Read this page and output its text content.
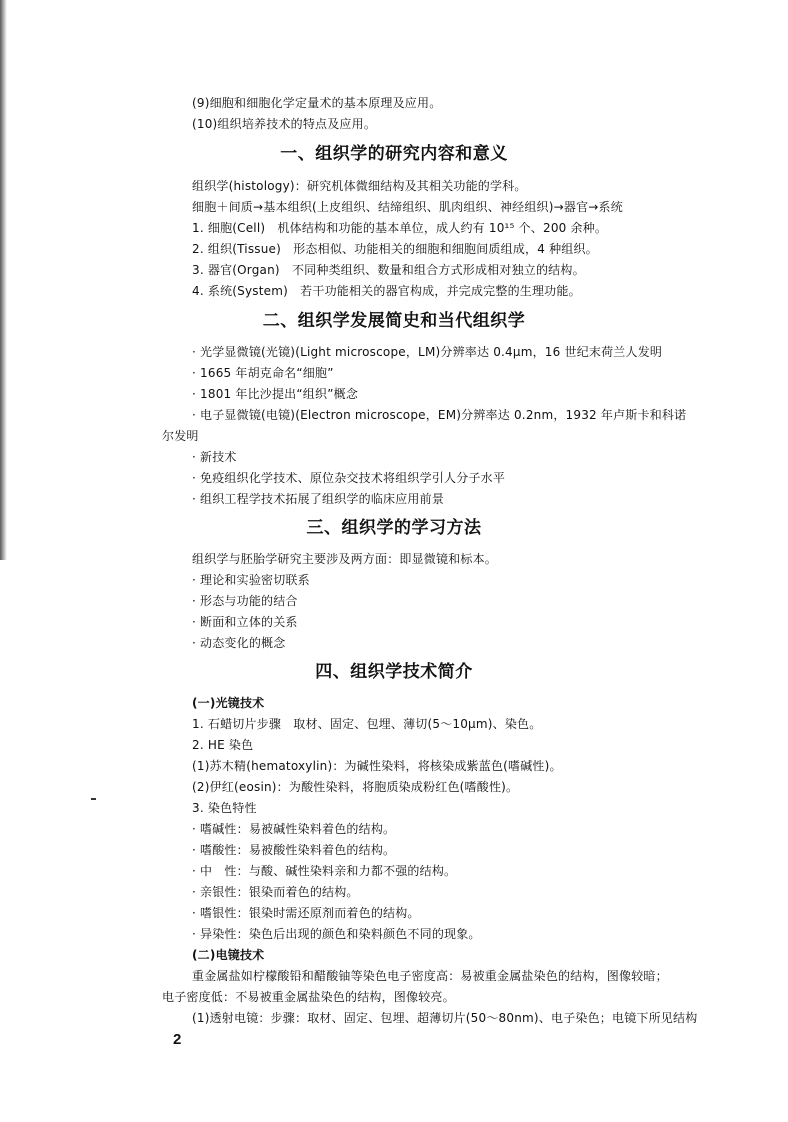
(9)细胞和细胞化学定量术的基本原理及应用。
(10)组织培养技术的特点及应用。
一、组织学的研究内容和意义
组织学(histology)：研究机体微细结构及其相关功能的学科。
细胞＋间质→基本组织(上皮组织、结缔组织、肌肉组织、神经组织)→器官→系统
1. 细胞(Cell)　机体结构和功能的基本单位，成人约有 10¹⁵ 个、200 余种。
2. 组织(Tissue)　形态相似、功能相关的细胞和细胞间质组成，4 种组织。
3. 器官(Organ)　不同种类组织、数量和组合方式形成相对独立的结构。
4. 系统(System)　若干功能相关的器官构成，并完成完整的生理功能。
二、组织学发展简史和当代组织学
· 光学显微镜(光镜)(Light microscope，LM)分辨率达 0.4μm，16 世纪末荷兰人发明
· 1665 年胡克命名“细胞”
· 1801 年比沙提出“组织”概念
· 电子显微镜(电镜)(Electron microscope，EM)分辨率达 0.2nm，1932 年卢斯卡和科诺
尔发明
· 新技术
· 免疫组织化学技术、原位杂交技术将组织学引人分子水平
· 组织工程学技术拓展了组织学的临床应用前景
三、组织学的学习方法
组织学与胚胎学研究主要涉及两方面：即显微镜和标本。
· 理论和实验密切联系
· 形态与功能的结合
· 断面和立体的关系
· 动态变化的概念
四、组织学技术简介
(一)光镜技术
1. 石蜡切片步骤　取材、固定、包埋、薄切(5～10μm)、染色。
2. HE 染色
(1)苏木精(hematoxylin)：为碱性染料，将核染成紫蓝色(嗜碱性)。
(2)伊红(eosin)：为酸性染料，将胞质染成粉红色(嗜酸性)。
3. 染色特性
· 嗜碱性：易被碱性染料着色的结构。
· 嗜酸性：易被酸性染料着色的结构。
· 中　性：与酸、碱性染料亲和力都不强的结构。
· 亲银性：银染而着色的结构。
· 嗜银性：银染时需还原剂而着色的结构。
· 异染性：染色后出现的颜色和染料颜色不同的现象。
(二)电镜技术
重金属盐如柠檬酸铅和醋酸铀等染色电子密度高：易被重金属盐染色的结构，图像较暗；
电子密度低：不易被重金属盐染色的结构，图像较亮。
(1)透射电镜：步骤：取材、固定、包埋、超薄切片(50～80nm)、电子染色；电镜下所见结构
2
